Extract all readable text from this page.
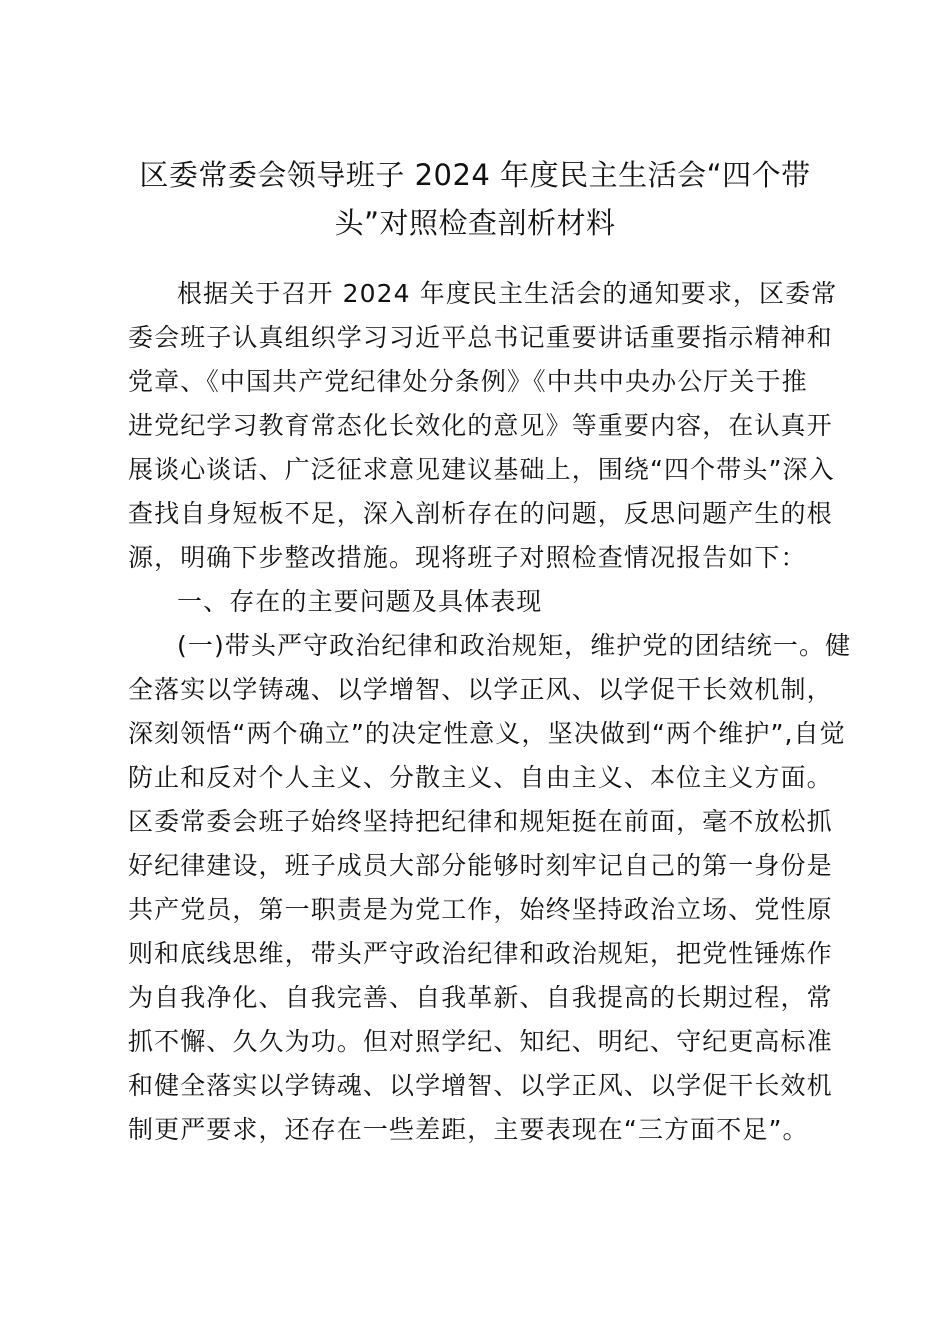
区委常委会领导班子 2024 年度民主生活会“四个带
头”对照检查剖析材料
根据关于召开 2024 年度民主生活会的通知要求，区委常
委会班子认真组织学习习近平总书记重要讲话重要指示精神和
党章、《中国共产党纪律处分条例》《中共中央办公厅关于推
进党纪学习教育常态化长效化的意见》等重要内容，在认真开
展谈心谈话、广泛征求意见建议基础上，围绕“四个带头”深入
查找自身短板不足，深入剖析存在的问题，反思问题产生的根
源，明确下步整改措施。现将班子对照检查情况报告如下：
一、存在的主要问题及具体表现
(一)带头严守政治纪律和政治规矩，维护党的团结统一。健
全落实以学铸魂、以学增智、以学正风、以学促干长效机制，
深刻领悟“两个确立”的决定性意义，坚决做到“两个维护”,自觉
防止和反对个人主义、分散主义、自由主义、本位主义方面。
区委常委会班子始终坚持把纪律和规矩挺在前面，毫不放松抓
好纪律建设，班子成员大部分能够时刻牢记自己的第一身份是
共产党员，第一职责是为党工作，始终坚持政治立场、党性原
则和底线思维，带头严守政治纪律和政治规矩，把党性锤炼作
为自我净化、自我完善、自我革新、自我提高的长期过程，常
抓不懈、久久为功。但对照学纪、知纪、明纪、守纪更高标准
和健全落实以学铸魂、以学增智、以学正风、以学促干长效机
制更严要求，还存在一些差距，主要表现在“三方面不足”。
